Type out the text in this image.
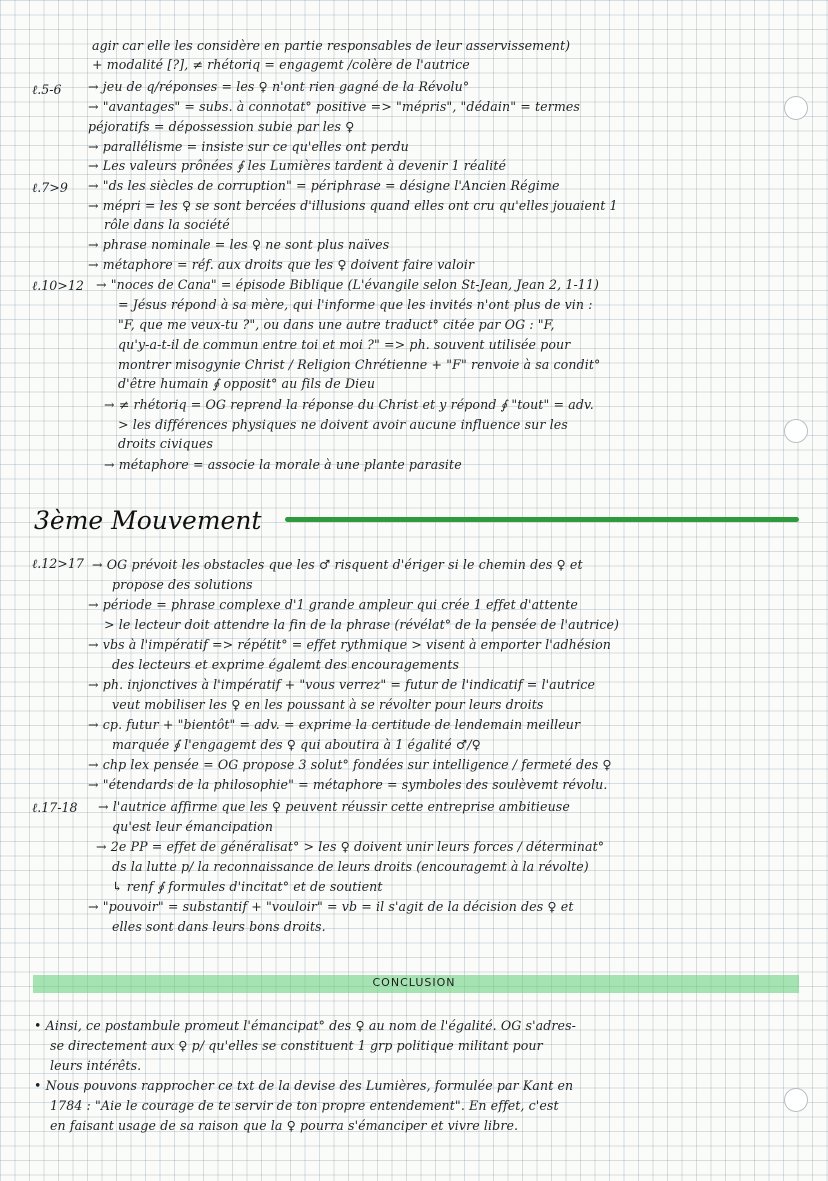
ℓ.5-6
ℓ.7>9
ℓ.10>12
agir car elle les considère en partie responsables de leur asservissement)
+ modalité [?], ≠ rhétoriq = engagemt /colère de l'autrice
→ jeu de q/réponses = les ♀ n'ont rien gagné de la Révolu°
→ "avantages" = subs. à connotat° positive => "mépris", "dédain" = termes
péjoratifs = dépossession subie par les ♀
→ parallélisme = insiste sur ce qu'elles ont perdu
→ Les valeurs prônées ∮ les Lumières tardent à devenir 1 réalité
→ "ds les siècles de corruption" = périphrase = désigne l'Ancien Régime
→ mépri = les ♀ se sont bercées d'illusions quand elles ont cru qu'elles jouaient 1
rôle dans la société
→ phrase nominale = les ♀ ne sont plus naïves
→ métaphore = réf. aux droits que les ♀ doivent faire valoir
→ "noces de Cana" = épisode Biblique (L'évangile selon St-Jean, Jean 2, 1-11)
= Jésus répond à sa mère, qui l'informe que les invités n'ont plus de vin :
"F, que me veux-tu ?", ou dans une autre traduct° citée par OG : "F,
qu'y-a-t-il de commun entre toi et moi ?" => ph. souvent utilisée pour
montrer misogynie Christ / Religion Chrétienne + "F" renvoie à sa condit°
d'être humain ∮ opposit° au fils de Dieu
→ ≠ rhétoriq = OG reprend la réponse du Christ et y répond ∮ "tout" = adv.
> les différences physiques ne doivent avoir aucune influence sur les
droits civiques
→ métaphore = associe la morale à une plante parasite
3ème Mouvement
ℓ.12>17
ℓ.17-18
→ OG prévoit les obstacles que les ♂ risquent d'ériger si le chemin des ♀ et
propose des solutions
→ période = phrase complexe d'1 grande ampleur qui crée 1 effet d'attente
> le lecteur doit attendre la fin de la phrase (révélat° de la pensée de l'autrice)
→ vbs à l'impératif => répétit° = effet rythmique > visent à emporter l'adhésion
des lecteurs et exprime égalemt des encouragements
→ ph. injonctives à l'impératif + "vous verrez" = futur de l'indicatif = l'autrice
veut mobiliser les ♀ en les poussant à se révolter pour leurs droits
→ cp. futur + "bientôt" = adv. = exprime la certitude de lendemain meilleur
marquée ∮ l'engagemt des ♀ qui aboutira à 1 égalité ♂/♀
→ chp lex pensée = OG propose 3 solut° fondées sur intelligence / fermeté des ♀
→ "étendards de la philosophie" = métaphore = symboles des soulèvemt révolu.
→ l'autrice affirme que les ♀ peuvent réussir cette entreprise ambitieuse
qu'est leur émancipation
→ 2e PP = effet de généralisat° > les ♀ doivent unir leurs forces / déterminat°
ds la lutte p/ la reconnaissance de leurs droits (encouragemt à la révolte)
↳ renf ∮ formules d'incitat° et de soutient
→ "pouvoir" = substantif + "vouloir" = vb = il s'agit de la décision des ♀ et
elles sont dans leurs bons droits.
CONCLUSION
• Ainsi, ce postambule promeut l'émancipat° des ♀ au nom de l'égalité. OG s'adres-
se directement aux ♀ p/ qu'elles se constituent 1 grp politique militant pour
leurs intérêts.
• Nous pouvons rapprocher ce txt de la devise des Lumières, formulée par Kant en
1784 : "Aie le courage de te servir de ton propre entendement". En effet, c'est
en faisant usage de sa raison que la ♀ pourra s'émanciper et vivre libre.
